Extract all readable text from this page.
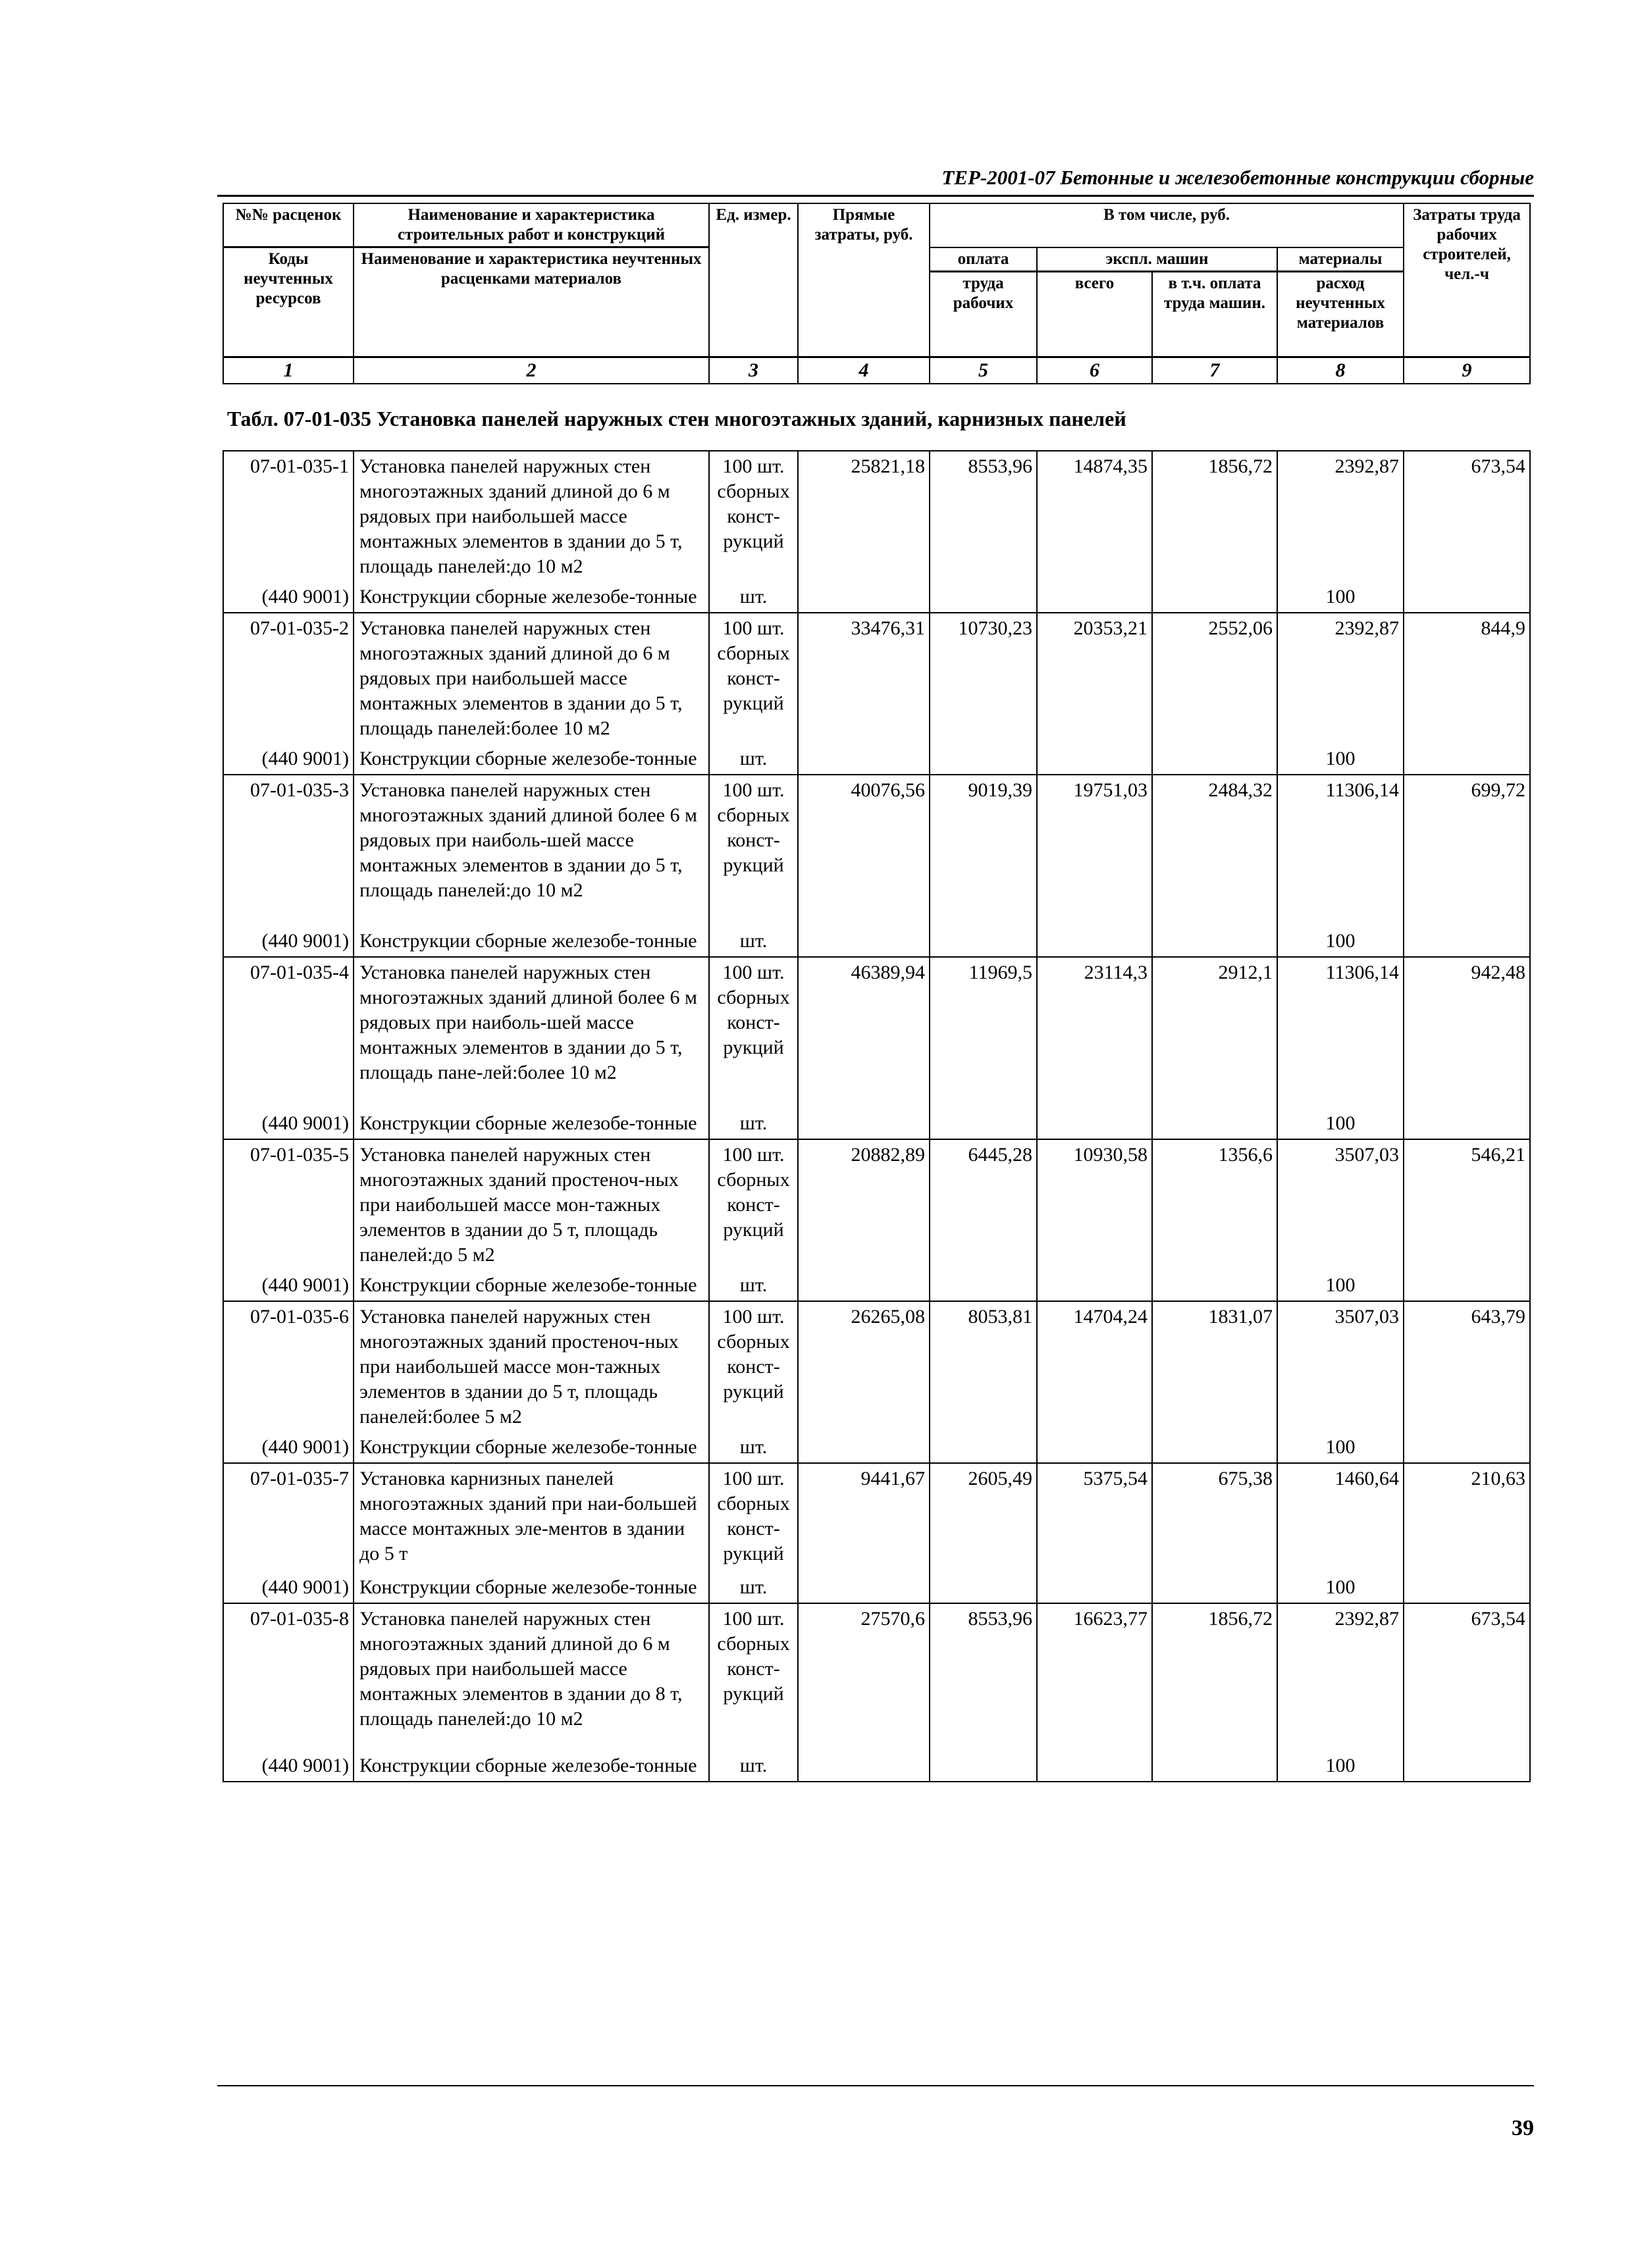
ТЕР-2001-07 Бетонные и железобетонные конструкции сборные
№№ расценок	Наименование и характеристика строительных работ и конструкций	Ед. измер.	Прямые затраты, руб.	В том числе, руб.				Затраты труда рабочих строителей, чел.-ч
Коды неучтенных ресурсов	Наименование и характеристика неучтенных расценками материалов			оплата	экспл. машин		материалы	
				труда рабочих	всего	в т.ч. оплата труда машин.	расход неучтенных материалов	
1	2	3	4	5	6	7	8	9
Табл. 07-01-035 Установка панелей наружных стен многоэтажных зданий, карнизных панелей
07-01-035-1	Установка панелей наружных стен многоэтажных зданий длиной до 6 м рядовых при наибольшей массе монтажных элементов в здании до 5 т, площадь панелей:до 10 м2	100 шт. сборных конст-рукций	25821,18	8553,96	14874,35	1856,72	2392,87	673,54
(440 9001)	Конструкции сборные железобе-тонные	шт.					100	
07-01-035-2	Установка панелей наружных стен многоэтажных зданий длиной до 6 м рядовых при наибольшей массе монтажных элементов в здании до 5 т, площадь панелей:более 10 м2	100 шт. сборных конст-рукций	33476,31	10730,23	20353,21	2552,06	2392,87	844,9
(440 9001)	Конструкции сборные железобе-тонные	шт.					100	
07-01-035-3	Установка панелей наружных стен многоэтажных зданий длиной более 6 м рядовых при наиболь-шей массе монтажных элементов в здании до 5 т, площадь панелей:до 10 м2	100 шт. сборных конст-рукций	40076,56	9019,39	19751,03	2484,32	11306,14	699,72
(440 9001)	Конструкции сборные железобе-тонные	шт.					100	
07-01-035-4	Установка панелей наружных стен многоэтажных зданий длиной более 6 м рядовых при наиболь-шей массе монтажных элементов в здании до 5 т, площадь пане-лей:более 10 м2	100 шт. сборных конст-рукций	46389,94	11969,5	23114,3	2912,1	11306,14	942,48
(440 9001)	Конструкции сборные железобе-тонные	шт.					100	
07-01-035-5	Установка панелей наружных стен многоэтажных зданий простеноч-ных при наибольшей массе мон-тажных элементов в здании до 5 т, площадь панелей:до 5 м2	100 шт. сборных конст-рукций	20882,89	6445,28	10930,58	1356,6	3507,03	546,21
(440 9001)	Конструкции сборные железобе-тонные	шт.					100	
07-01-035-6	Установка панелей наружных стен многоэтажных зданий простеноч-ных при наибольшей массе мон-тажных элементов в здании до 5 т, площадь панелей:более 5 м2	100 шт. сборных конст-рукций	26265,08	8053,81	14704,24	1831,07	3507,03	643,79
(440 9001)	Конструкции сборные железобе-тонные	шт.					100	
07-01-035-7	Установка карнизных панелей многоэтажных зданий при наи-большей массе монтажных эле-ментов в здании до 5 т	100 шт. сборных конст-рукций	9441,67	2605,49	5375,54	675,38	1460,64	210,63
(440 9001)	Конструкции сборные железобе-тонные	шт.					100	
07-01-035-8	Установка панелей наружных стен многоэтажных зданий длиной до 6 м рядовых при наибольшей массе монтажных элементов в здании до 8 т, площадь панелей:до 10 м2	100 шт. сборных конст-рукций	27570,6	8553,96	16623,77	1856,72	2392,87	673,54
(440 9001)	Конструкции сборные железобе-тонные	шт.					100	
39
